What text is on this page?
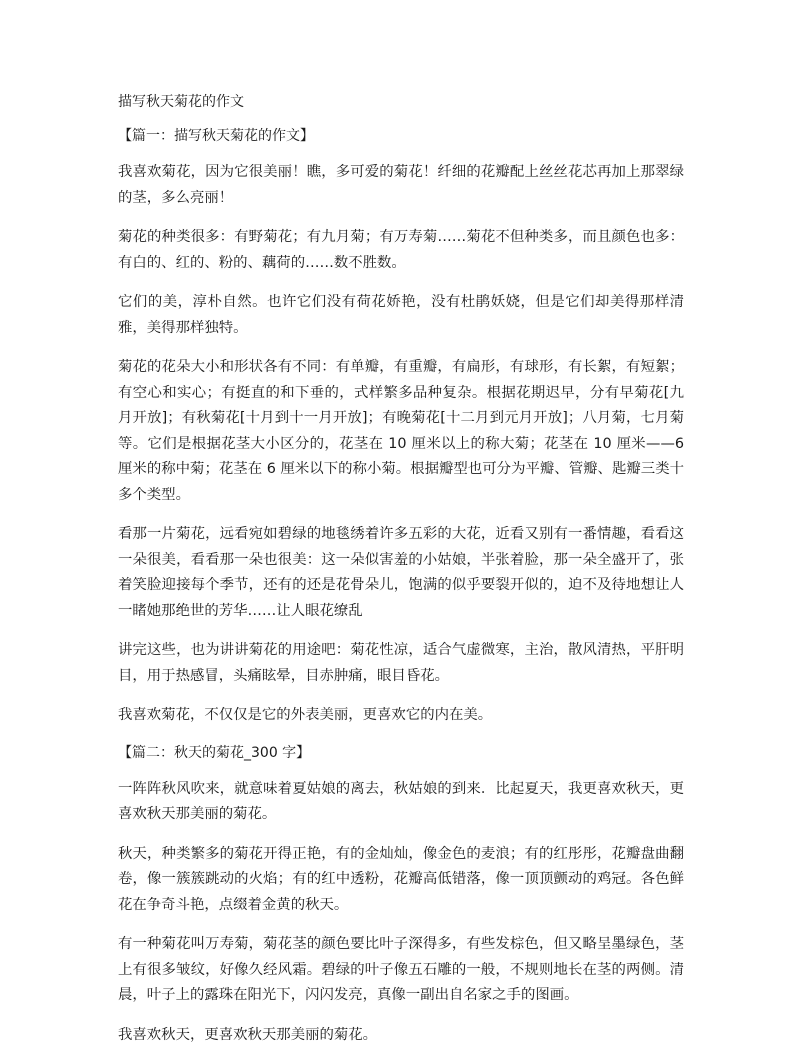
描写秋天菊花的作文
【篇一：描写秋天菊花的作文】

我喜欢菊花，因为它很美丽！瞧，多可爱的菊花！纤细的花瓣配上丝丝花芯再加上那翠绿的茎，多么亮丽！

菊花的种类很多：有野菊花；有九月菊；有万寿菊……菊花不但种类多，而且颜色也多：有白的、红的、粉的、藕荷的……数不胜数。

它们的美，淳朴自然。也许它们没有荷花娇艳，没有杜鹃妖娆，但是它们却美得那样清雅，美得那样独特。

菊花的花朵大小和形状各有不同：有单瓣，有重瓣，有扁形，有球形，有长絮，有短絮；有空心和实心；有挺直的和下垂的，式样繁多品种复杂。根据花期迟早，分有早菊花[九月开放]；有秋菊花[十月到十一月开放]；有晚菊花[十二月到元月开放]；八月菊，七月菊等。它们是根据花茎大小区分的，花茎在 10 厘米以上的称大菊；花茎在 10 厘米——6 厘米的称中菊；花茎在 6 厘米以下的称小菊。根据瓣型也可分为平瓣、管瓣、匙瓣三类十多个类型。

看那一片菊花，远看宛如碧绿的地毯绣着许多五彩的大花，近看又别有一番情趣，看看这一朵很美，看看那一朵也很美：这一朵似害羞的小姑娘，半张着脸，那一朵全盛开了，张着笑脸迎接每个季节，还有的还是花骨朵儿，饱满的似乎要裂开似的，迫不及待地想让人一睹她那绝世的芳华……让人眼花缭乱

讲完这些，也为讲讲菊花的用途吧：菊花性凉，适合气虚微寒，主治，散风清热，平肝明目，用于热感冒，头痛眩晕，目赤肿痛，眼目昏花。

我喜欢菊花，不仅仅是它的外表美丽，更喜欢它的内在美。

【篇二：秋天的菊花_300 字】

一阵阵秋风吹来，就意味着夏姑娘的离去，秋姑娘的到来．比起夏天，我更喜欢秋天，更喜欢秋天那美丽的菊花。

秋天，种类繁多的菊花开得正艳，有的金灿灿，像金色的麦浪；有的红彤彤，花瓣盘曲翻卷，像一簇簇跳动的火焰；有的红中透粉，花瓣高低错落，像一顶顶颤动的鸡冠。各色鲜花在争奇斗艳，点缀着金黄的秋天。

有一种菊花叫万寿菊，菊花茎的颜色要比叶子深得多，有些发棕色，但又略呈墨绿色，茎上有很多皱纹，好像久经风霜。碧绿的叶子像五石雕的一般，不规则地长在茎的两侧。清晨，叶子上的露珠在阳光下，闪闪发亮，真像一副出自名家之手的图画。

我喜欢秋天，更喜欢秋天那美丽的菊花。
